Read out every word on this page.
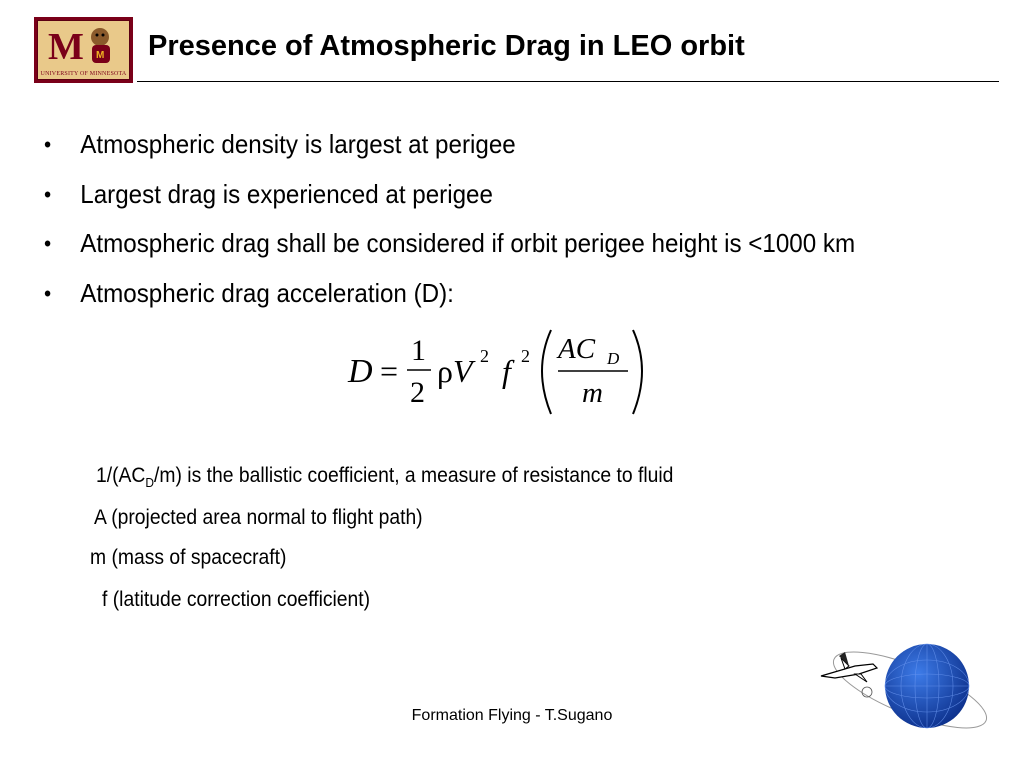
M M
UNIVERSITY OF MINNESOTA
Presence of Atmospheric Drag in LEO orbit
• Atmospheric density is largest at perigee
• Largest drag is experienced at perigee
• Atmospheric drag shall be considered if orbit perigee height is <1000 km
• Atmospheric drag acceleration (D):
D =
1
2
ρ V 2 f 2 AC D
m
$1/(AC_D/m)$ is the ballistic coefficient, a measure of resistance to fluid
A (projected area normal to flight path)
m (mass of spacecraft)
f (latitude correction coefficient)
Formation Flying - T.Sugano
